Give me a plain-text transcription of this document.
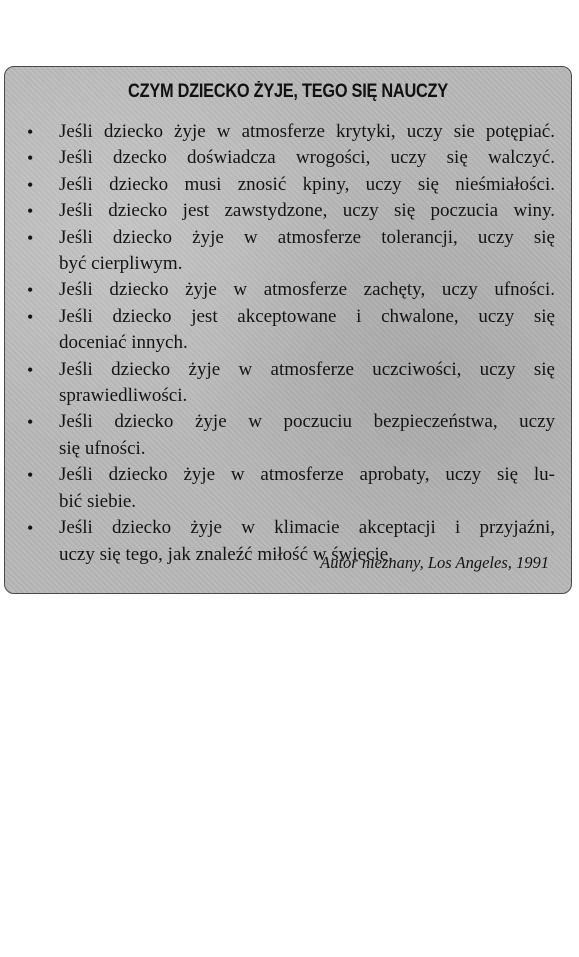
CZYM DZIECKO ŻYJE, TEGO SIĘ NAUCZY
•	Jeśli dziecko żyje w atmosferze krytyki, uczy sie potępiać.
•	Jeśli dzecko doświadcza wrogości, uczy się walczyć.
•	Jeśli dziecko musi znosić kpiny, uczy się nieśmiałości.
•	Jeśli dziecko jest zawstydzone, uczy się poczucia winy.
•	Jeśli dziecko żyje w atmosferze tolerancji, uczy się
być cierpliwym.
•	Jeśli dziecko żyje w atmosferze zachęty, uczy ufności.
•	Jeśli dziecko jest akceptowane i chwalone, uczy się
doceniać innych.
•	Jeśli dziecko żyje w atmosferze uczciwości, uczy się
sprawiedliwości.
•	Jeśli dziecko żyje w poczuciu bezpieczeństwa, uczy
się ufności.
•	Jeśli dziecko żyje w atmosferze aprobaty, uczy się lu-
bić siebie.
•	Jeśli dziecko żyje w klimacie akceptacji i przyjaźni,
uczy się tego, jak znaleźć miłość w świecie.
Autor nieznany, Los Angeles, 1991
